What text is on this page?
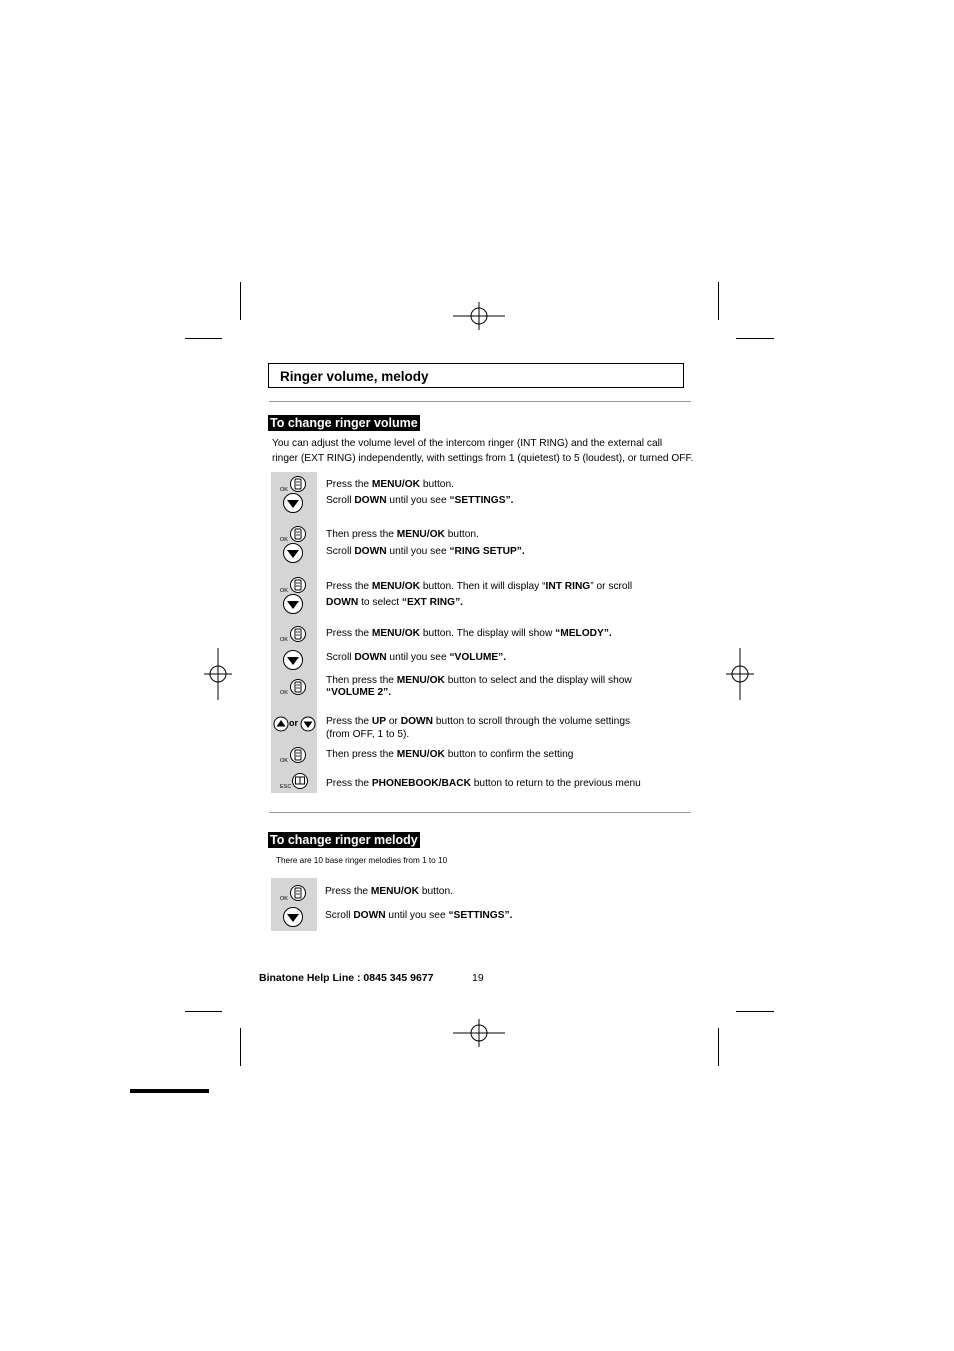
Ringer volume, melody
To change ringer volume
You can adjust the volume level of the intercom ringer (INT RING) and the external call
ringer (EXT RING) independently, with settings from 1 (quietest) to 5 (loudest), or turned OFF.
OK
OK
OK
OK
OK
or
OK
ESC
Press the MENU/OK button.
Scroll DOWN until you see “SETTINGS”.
Then press the MENU/OK button.
Scroll DOWN until you see “RING SETUP”.
Press the MENU/OK button. Then it will display “INT RING” or scroll
DOWN to select “EXT RING”.
Press the MENU/OK button. The display will show “MELODY”.
Scroll DOWN until you see “VOLUME”.
Then press the MENU/OK button to select and the display will show
“VOLUME 2”.
Press the UP or DOWN button to scroll through the volume settings
(from OFF, 1 to 5).
Then press the MENU/OK button to confirm the setting
Press the PHONEBOOK/BACK button to return to the previous menu
To change ringer melody
There are 10 base ringer melodies from 1 to 10
OK
Press the MENU/OK button.
Scroll DOWN until you see “SETTINGS”.
Binatone Help Line : 0845 345 9677	19
